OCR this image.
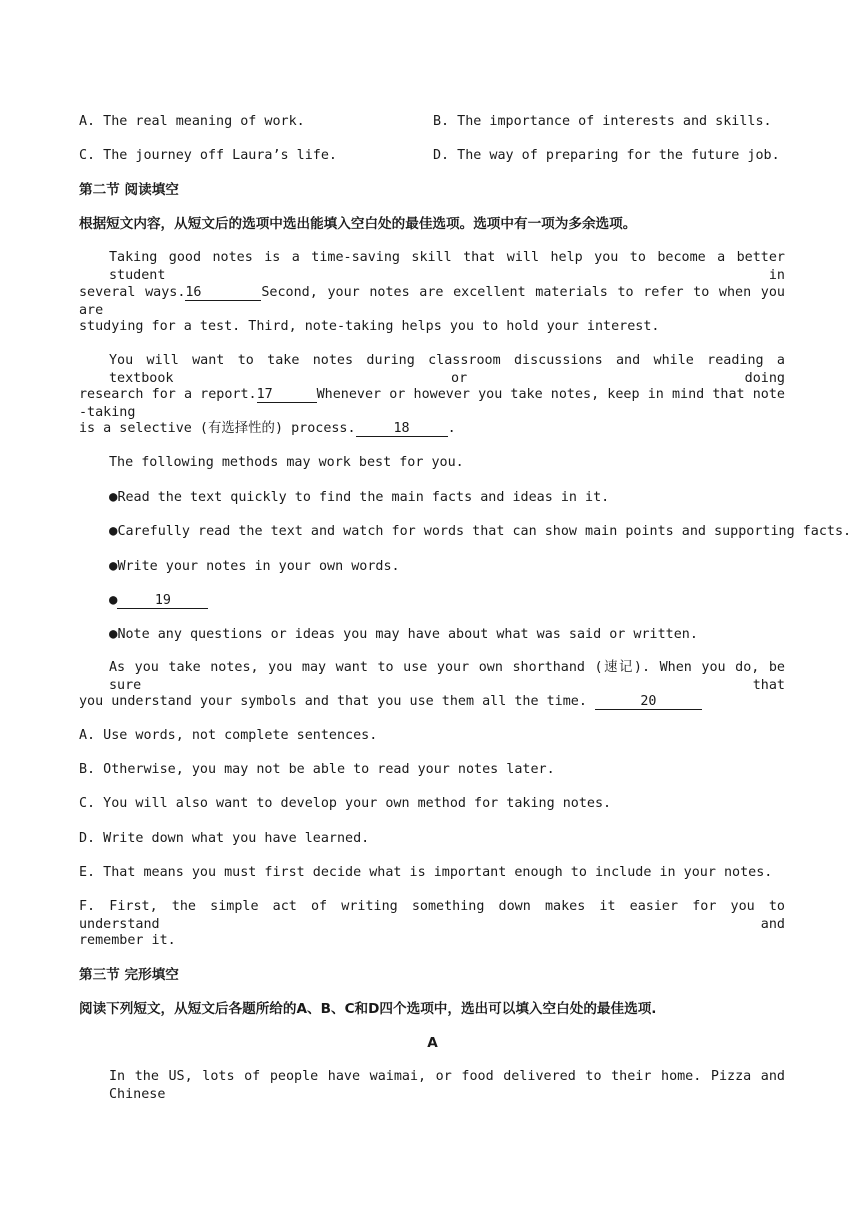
A. The real meaning of work.	B. The importance of interests and skills.
C. The journey off Laura’s life.	D. The way of preparing for the future job.
第二节 阅读填空
根据短文内容，从短文后的选项中选出能填入空白处的最佳选项。选项中有一项为多余选项。
Taking good notes is a time-saving skill that will help you to become a better student in
several ways.16	Second, your notes are excellent materials to refer to when you are
studying for a test. Third, note-taking helps you to hold your interest.
You will want to take notes during classroom discussions and while reading a textbook or doing
research for a report.17	Whenever or however you take notes, keep in mind that note -taking
is a selective (有选择性的) process.	18	.
The following methods may work best for you.
●Read the text quickly to find the main facts and ideas in it.
●Carefully read the text and watch for words that can show main points and supporting facts.
●Write your notes in your own words.
●	19
●Note any questions or ideas you may have about what was said or written.
As you take notes, you may want to use your own shorthand (速记). When you do, be sure that
you understand your symbols and that you use them all the time.	20
A. Use words, not complete sentences.
B. Otherwise, you may not be able to read your notes later.
C. You will also want to develop your own method for taking notes.
D. Write down what you have learned.
E. That means you must first decide what is important enough to include in your notes.
F. First, the simple act of writing something down makes it easier for you to understand and
remember it.
第三节 完形填空
阅读下列短文，从短文后各题所给的A、B、C和D四个选项中，选出可以填入空白处的最佳选项.
A
In the US, lots of people have waimai, or food delivered to their home. Pizza and Chinese
